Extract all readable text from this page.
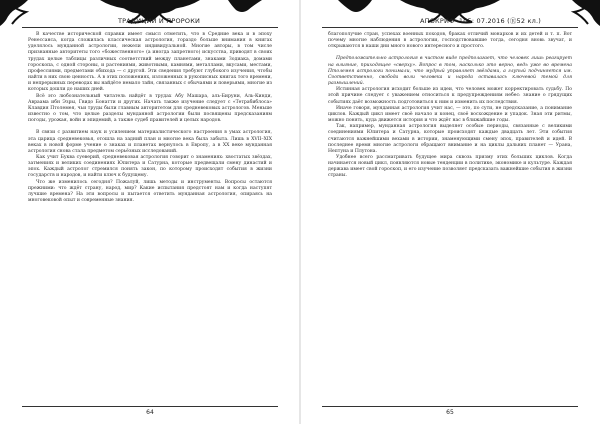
ТРАДИЦИИ И ПРОРОКИ

В качестве исторической справки имеет смысл отметить, что в Средние века и в эпоху Ренессанса, когда сложилась классическая астрология, гораздо больше внимания в книгах уделялось мунданной астрологии, нежели индивидуальной. Многие авторы, в том числе признанные авторитеты того «божественного» (а иногда запретного) искусства, приводят в своих трудах целые таблицы различных соответствий между планетами, знаками Зодиака, домами гороскопа, с одной стороны, и растениями, животными, камнями, металлами, вкусами, местами, профессиями, предметами обихода — с другой. Эти сведения требуют глубокого изучения, чтобы найти в них свою ценность. А в этих положениях, изложенных в рукописных книгах того времени, и непрерывных переводах вы найдёте немало тайн, связанных с обычаями и поверьями, многие из которых дошли до наших дней.

Всё это любознательный читатель найдёт в трудах Абу Машара, аль-Бируни, Аль-Кинди, Авраама ибн Эзры, Гвидо Бонатти и других. Начать также изучение следует с «Тетрабиблоса» Клавдия Птолемея, чьи труды были главным авторитетом для средневековых астрологов. Меньше известно о том, что целые разделы мунданной астрологии были посвящены предсказаниям погоды, урожая, войн и эпидемий, а также судеб правителей и целых народов.

В связи с развитием наук и усилением материалистического настроения в умах астрология, эта царица средневековья, отошла на задний план и многие века была забыта. Лишь в XVII–XIX веках в новой форме учение о знаках и планетах вернулось в Европу, а в XX веке мунданная астрология снова стала предметом серьёзных исследований.

Как учит Буква суеверий, средневековая астрология говорит о знамениях: хвостатых звёздах, затмениях и великих соединениях Юпитера и Сатурна, которые предвещали смену династий и эпох. Каждый астролог стремился понять закон, по которому происходят события в жизни государств и народов, и найти ключ к будущему.

Что же изменилось сегодня? Пожалуй, лишь методы и инструменты. Вопросы остаются прежними: что ждёт страну, народ, мир? Какие испытания предстоят нам и когда наступят лучшие времена? На эти вопросы и пытается ответить мунданная астрология, опираясь на многовековой опыт и современные знания.

64
АПОКРИФ•105: 07.2016 (Ⓡ52 кл.)

благополучие стран, успехах военных походов, браках отличий монархов и их детей и т. п. Вот почему многие наблюдения в астрологии, господствовавшие тогда, сегодня вновь звучат, и открываются в наши дни много нового интересного и простого.

Предположительно астрология в чистом виде предполагает, что человек лишь реагирует на влияние, приходящее «сверху». Вопрос в том, насколько это верно, ведь уже во времена Птолемея астрологи понимали, что мудрый управляет звёздами, а глупый подчиняется им. Соответственно, свобода воли человека и народа оставалась ключевой темой для размышлений.

Истинная астрология исходит больше из идеи, что человек может корректировать судьбу. По этой причине следует с уважением относиться к предупреждениям небес: знание о грядущих событиях даёт возможность подготовиться к ним и изменить их последствия.

Иначе говоря, мунданная астрология учит нас, — это, по сути, не предсказание, а понимание циклов. Каждый цикл имеет своё начало и конец, своё восхождение и упадок. Зная эти ритмы, можно понять, куда движется история и что ждёт нас в ближайшие годы.

Так, например, мунданная астрология выделяет особые периоды, связанные с великими соединениями Юпитера и Сатурна, которые происходят каждые двадцать лет. Эти события считаются важнейшими вехами в истории, знаменующими смену эпох, правителей и идей. В последнее время многие астрологи обращают внимание и на циклы дальних планет — Урана, Нептуна и Плутона.

Удобнее всего рассматривать будущее мира сквозь призму этих больших циклов. Когда начинается новый цикл, появляются новые тенденции в политике, экономике и культуре. Каждая держава имеет свой гороскоп, и его изучение позволяет предсказать важнейшие события в жизни страны.

65
